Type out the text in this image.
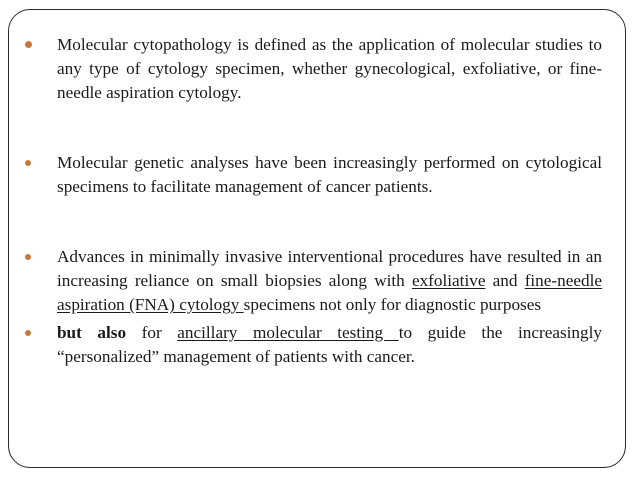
Molecular cytopathology is defined as the application of molecular studies to any type of cytology specimen, whether gynecological, exfoliative, or fine-needle aspiration cytology.
Molecular genetic analyses have been increasingly performed on cytological specimens to facilitate management of cancer patients.
Advances in minimally invasive interventional procedures have resulted in an increasing reliance on small biopsies along with exfoliative and fine-needle aspiration (FNA) cytology specimens not only for diagnostic purposes
but also for ancillary molecular testing to guide the increasingly “personalized” management of patients with cancer.
